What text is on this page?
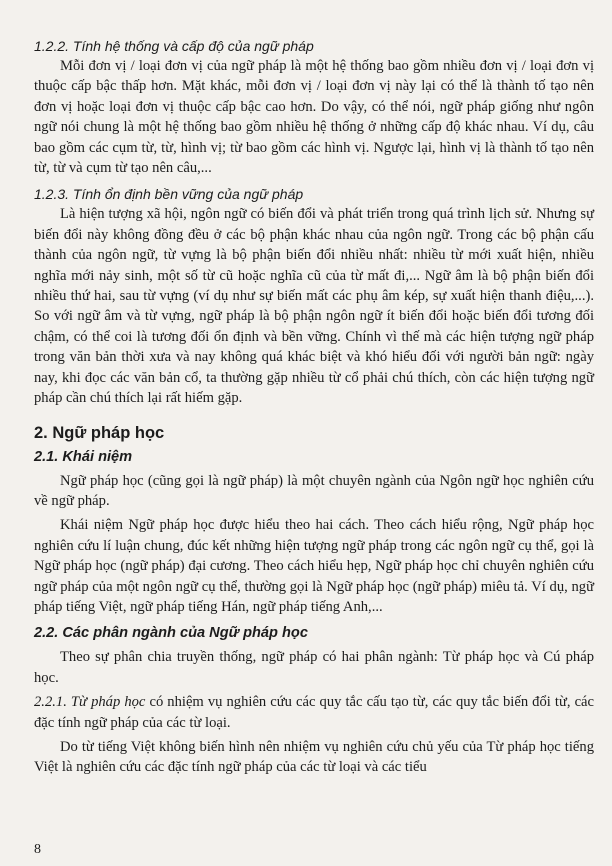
1.2.2. Tính hệ thống và cấp độ của ngữ pháp

Mỗi đơn vị / loại đơn vị của ngữ pháp là một hệ thống bao gồm nhiều đơn vị / loại đơn vị thuộc cấp bậc thấp hơn. Mặt khác, mỗi đơn vị / loại đơn vị này lại có thể là thành tố tạo nên đơn vị hoặc loại đơn vị thuộc cấp bậc cao hơn. Do vậy, có thể nói, ngữ pháp giống như ngôn ngữ nói chung là một hệ thống bao gồm nhiều hệ thống ở những cấp độ khác nhau. Ví dụ, câu bao gồm các cụm từ, từ, hình vị; từ bao gồm các hình vị. Ngược lại, hình vị là thành tố tạo nên từ, từ và cụm từ tạo nên câu,...

1.2.3. Tính ổn định bền vững của ngữ pháp

Là hiện tượng xã hội, ngôn ngữ có biến đổi và phát triển trong quá trình lịch sử. Nhưng sự biến đổi này không đồng đều ở các bộ phận khác nhau của ngôn ngữ. Trong các bộ phận cấu thành của ngôn ngữ, từ vựng là bộ phận biến đổi nhiều nhất: nhiều từ mới xuất hiện, nhiều nghĩa mới nảy sinh, một số từ cũ hoặc nghĩa cũ của từ mất đi,... Ngữ âm là bộ phận biến đổi nhiều thứ hai, sau từ vựng (ví dụ như sự biến mất các phụ âm kép, sự xuất hiện thanh điệu,...). So với ngữ âm và từ vựng, ngữ pháp là bộ phận ngôn ngữ ít biến đổi hoặc biến đổi tương đối chậm, có thể coi là tương đối ổn định và bền vững. Chính vì thế mà các hiện tượng ngữ pháp trong văn bản thời xưa và nay không quá khác biệt và khó hiểu đối với người bản ngữ: ngày nay, khi đọc các văn bản cổ, ta thường gặp nhiều từ cổ phải chú thích, còn các hiện tượng ngữ pháp cần chú thích lại rất hiếm gặp.

2. Ngữ pháp học

2.1. Khái niệm

Ngữ pháp học (cũng gọi là ngữ pháp) là một chuyên ngành của Ngôn ngữ học nghiên cứu về ngữ pháp.

Khái niệm Ngữ pháp học được hiểu theo hai cách. Theo cách hiểu rộng, Ngữ pháp học nghiên cứu lí luận chung, đúc kết những hiện tượng ngữ pháp trong các ngôn ngữ cụ thể, gọi là Ngữ pháp học (ngữ pháp) đại cương. Theo cách hiểu hẹp, Ngữ pháp học chỉ chuyên nghiên cứu ngữ pháp của một ngôn ngữ cụ thể, thường gọi là Ngữ pháp học (ngữ pháp) miêu tả. Ví dụ, ngữ pháp tiếng Việt, ngữ pháp tiếng Hán, ngữ pháp tiếng Anh,...

2.2. Các phân ngành của Ngữ pháp học

Theo sự phân chia truyền thống, ngữ pháp có hai phân ngành: Từ pháp học và Cú pháp học.

2.2.1. Từ pháp học có nhiệm vụ nghiên cứu các quy tắc cấu tạo từ, các quy tắc biến đổi từ, các đặc tính ngữ pháp của các từ loại.

Do từ tiếng Việt không biến hình nên nhiệm vụ nghiên cứu chủ yếu của Từ pháp học tiếng Việt là nghiên cứu các đặc tính ngữ pháp của các từ loại và các tiểu

8
